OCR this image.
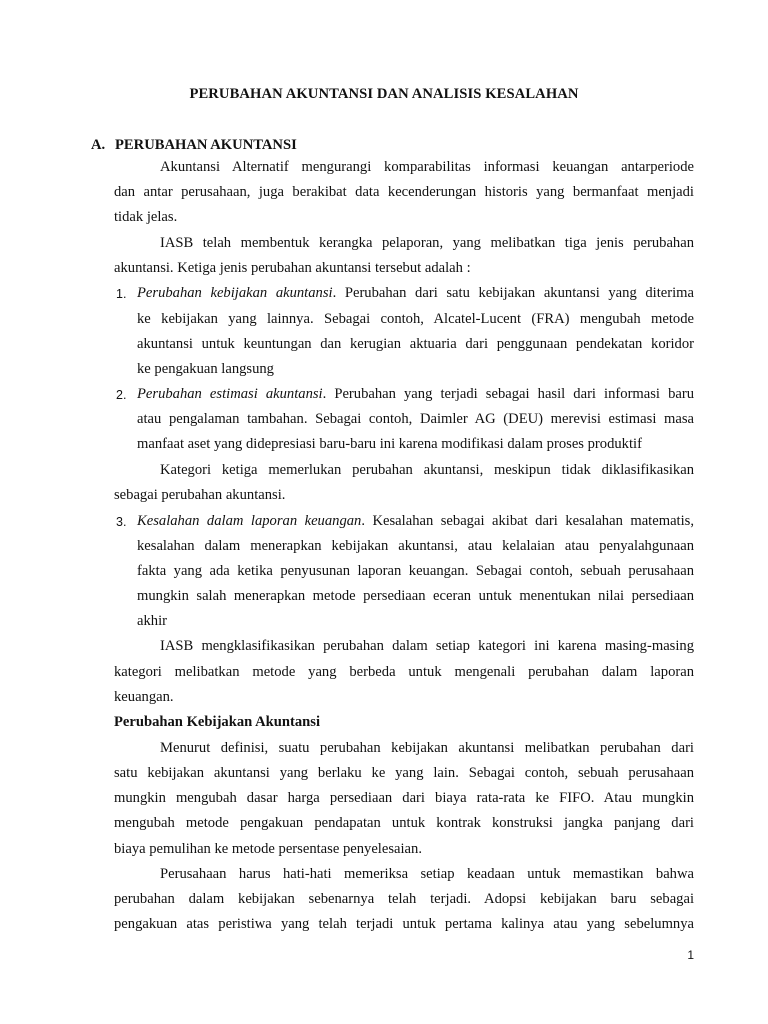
PERUBAHAN AKUNTANSI DAN ANALISIS KESALAHAN
A. PERUBAHAN AKUNTANSI
Akuntansi Alternatif mengurangi komparabilitas informasi keuangan antarperiode
dan antar perusahaan, juga berakibat data kecenderungan historis yang bermanfaat menjadi
tidak jelas.
IASB telah membentuk kerangka pelaporan, yang melibatkan tiga jenis perubahan
akuntansi. Ketiga jenis perubahan akuntansi tersebut adalah :
1. Perubahan kebijakan akuntansi. Perubahan dari satu kebijakan akuntansi yang diterima
ke kebijakan yang lainnya. Sebagai contoh, Alcatel-Lucent (FRA) mengubah metode
akuntansi untuk keuntungan dan kerugian aktuaria dari penggunaan pendekatan koridor
ke pengakuan langsung
2. Perubahan estimasi akuntansi. Perubahan yang terjadi sebagai hasil dari informasi baru
atau pengalaman tambahan. Sebagai contoh, Daimler AG (DEU) merevisi estimasi masa
manfaat aset yang didepresiasi baru-baru ini karena modifikasi dalam proses produktif
Kategori ketiga memerlukan perubahan akuntansi, meskipun tidak diklasifikasikan
sebagai perubahan akuntansi.
3. Kesalahan dalam laporan keuangan. Kesalahan sebagai akibat dari kesalahan matematis,
kesalahan dalam menerapkan kebijakan akuntansi, atau kelalaian atau penyalahgunaan
fakta yang ada ketika penyusunan laporan keuangan. Sebagai contoh, sebuah perusahaan
mungkin salah menerapkan metode persediaan eceran untuk menentukan nilai persediaan
akhir
IASB mengklasifikasikan perubahan dalam setiap kategori ini karena masing-masing
kategori melibatkan metode yang berbeda untuk mengenali perubahan dalam laporan
keuangan.
Perubahan Kebijakan Akuntansi
Menurut definisi, suatu perubahan kebijakan akuntansi melibatkan perubahan dari
satu kebijakan akuntansi yang berlaku ke yang lain. Sebagai contoh, sebuah perusahaan
mungkin mengubah dasar harga persediaan dari biaya rata-rata ke FIFO. Atau mungkin
mengubah metode pengakuan pendapatan untuk kontrak konstruksi jangka panjang dari
biaya pemulihan ke metode persentase penyelesaian.
Perusahaan harus hati-hati memeriksa setiap keadaan untuk memastikan bahwa
perubahan dalam kebijakan sebenarnya telah terjadi. Adopsi kebijakan baru sebagai
pengakuan atas peristiwa yang telah terjadi untuk pertama kalinya atau yang sebelumnya
1
